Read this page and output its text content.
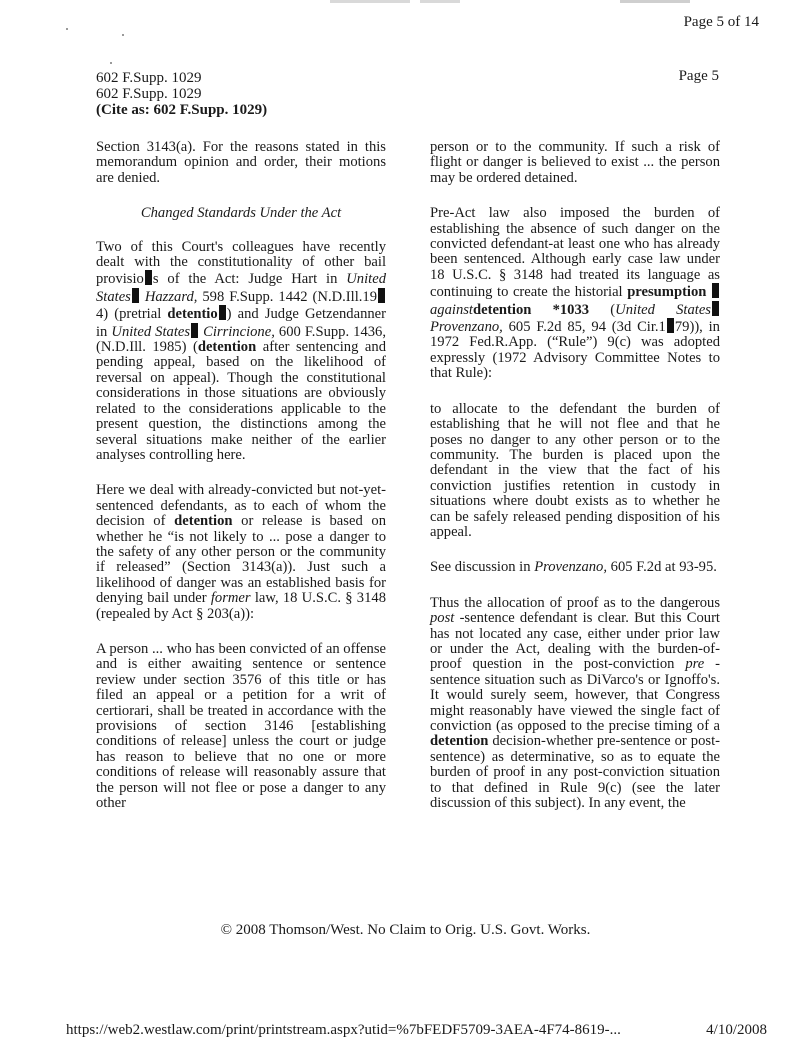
Page 5 of 14
602 F.Supp. 1029
602 F.Supp. 1029
(Cite as: 602 F.Supp. 1029)
Page 5

Section 3143(a). For the reasons stated in this memorandum opinion and order, their motions are denied.

Changed Standards Under the Act

Two of this Court's colleagues have recently dealt with the constitutionality of other bail provisio s of the Act: Judge Hart in United States Hazzard, 598 F.Supp. 1442 (N.D.Ill.194) (pretrial detentio ) and Judge Getzendanner in United States Cirrincione, 600 F.Supp. 1436, (N.D.Ill. 1985) (detention after sentencing and pending appeal, based on the likelihood of reversal on appeal). Though the constitutional considerations in those situations are obviously related to the considerations applicable to the present question, the distinctions among the several situations make neither of the earlier analyses controlling here.

Here we deal with already-convicted but not-yet-sentenced defendants, as to each of whom the decision of detention or release is based on whether he “is not likely to ... pose a danger to the safety of any other person or the community if released” (Section 3143(a)). Just such a likelihood of danger was an established basis for denying bail under former law, 18 U.S.C. § 3148 (repealed by Act § 203(a)):

A person ... who has been convicted of an offense and is either awaiting sentence or sentence review under section 3576 of this title or has filed an appeal or a petition for a writ of certiorari, shall be treated in accordance with the provisions of section 3146 [establishing conditions of release] unless the court or judge has reason to believe that no one or more conditions of release will reasonably assure that the person will not flee or pose a danger to any other

person or to the community. If such a risk of flight or danger is believed to exist ... the person may be ordered detained.

Pre-Act law also imposed the burden of establishing the absence of such danger on the convicted defendant-at least one who has already been sentenced. Although early case law under 18 U.S.C. § 3148 had treated its language as continuing to create the historial presumption againstdetention *1033 (United States Provenzano, 605 F.2d 85, 94 (3d Cir.1 79)), in 1972 Fed.R.App. (“Rule”) 9(c) was adopted expressly (1972 Advisory Committee Notes to that Rule):

to allocate to the defendant the burden of establishing that he will not flee and that he poses no danger to any other person or to the community. The burden is placed upon the defendant in the view that the fact of his conviction justifies retention in custody in situations where doubt exists as to whether he can be safely released pending disposition of his appeal.

See discussion in Provenzano, 605 F.2d at 93-95.

Thus the allocation of proof as to the dangerous post -sentence defendant is clear. But this Court has not located any case, either under prior law or under the Act, dealing with the burden-of-proof question in the post-conviction pre -sentence situation such as DiVarco's or Ignoffo's. It would surely seem, however, that Congress might reasonably have viewed the single fact of conviction (as opposed to the precise timing of a detention decision-whether pre-sentence or post-sentence) as determinative, so as to equate the burden of proof in any post-conviction situation to that defined in Rule 9(c) (see the later discussion of this subject). In any event, the

© 2008 Thomson/West. No Claim to Orig. U.S. Govt. Works.
https://web2.westlaw.com/print/printstream.aspx?utid=%7bFEDF5709-3AEA-4F74-8619-...	4/10/2008
